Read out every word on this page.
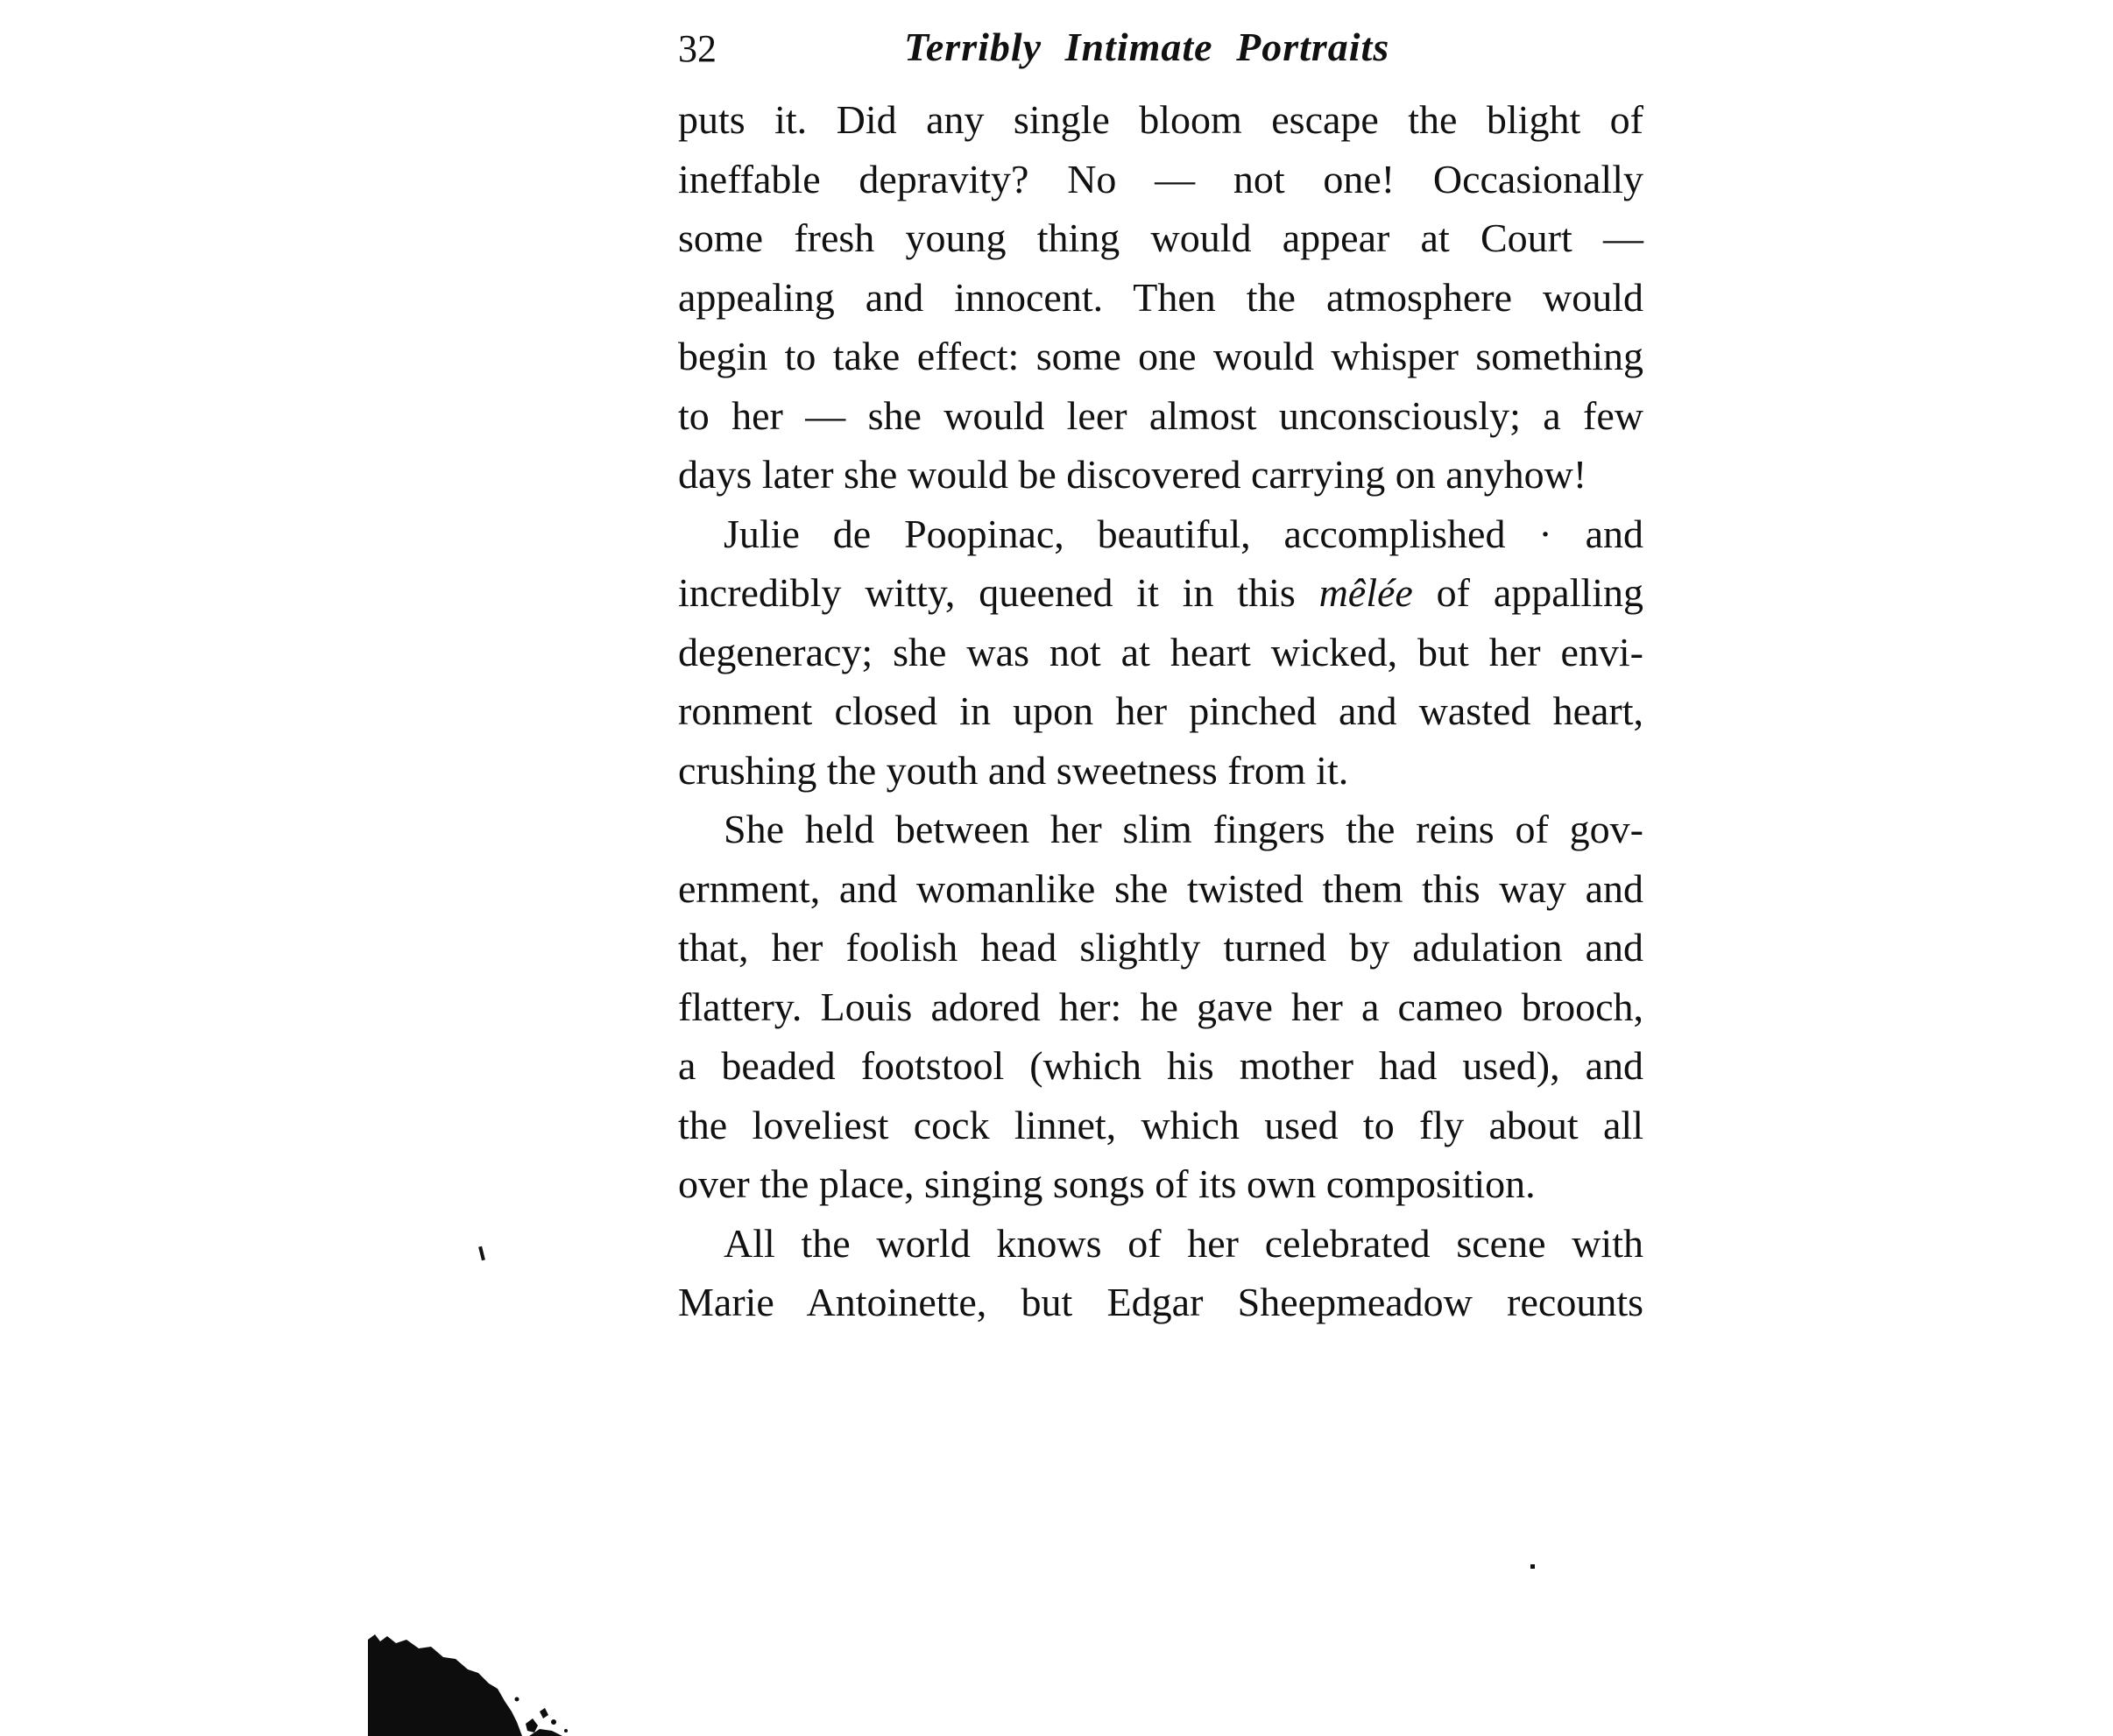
32	Terribly Intimate Portraits
puts it. Did any single bloom escape the blight of
ineffable depravity? No — not one! Occasionally
some fresh young thing would appear at Court —
appealing and innocent. Then the atmosphere would
begin to take effect: some one would whisper something
to her — she would leer almost unconsciously; a few
days later she would be discovered carrying on anyhow!
Julie de Poopinac, beautiful, accomplished · and
incredibly witty, queened it in this mêlée of appalling
degeneracy; she was not at heart wicked, but her envi-
ronment closed in upon her pinched and wasted heart,
crushing the youth and sweetness from it.
She held between her slim fingers the reins of gov-
ernment, and womanlike she twisted them this way and
that, her foolish head slightly turned by adulation and
flattery. Louis adored her: he gave her a cameo brooch,
a beaded footstool (which his mother had used), and
the loveliest cock linnet, which used to fly about all
over the place, singing songs of its own composition.
All the world knows of her celebrated scene with
Marie Antoinette, but Edgar Sheepmeadow recounts
